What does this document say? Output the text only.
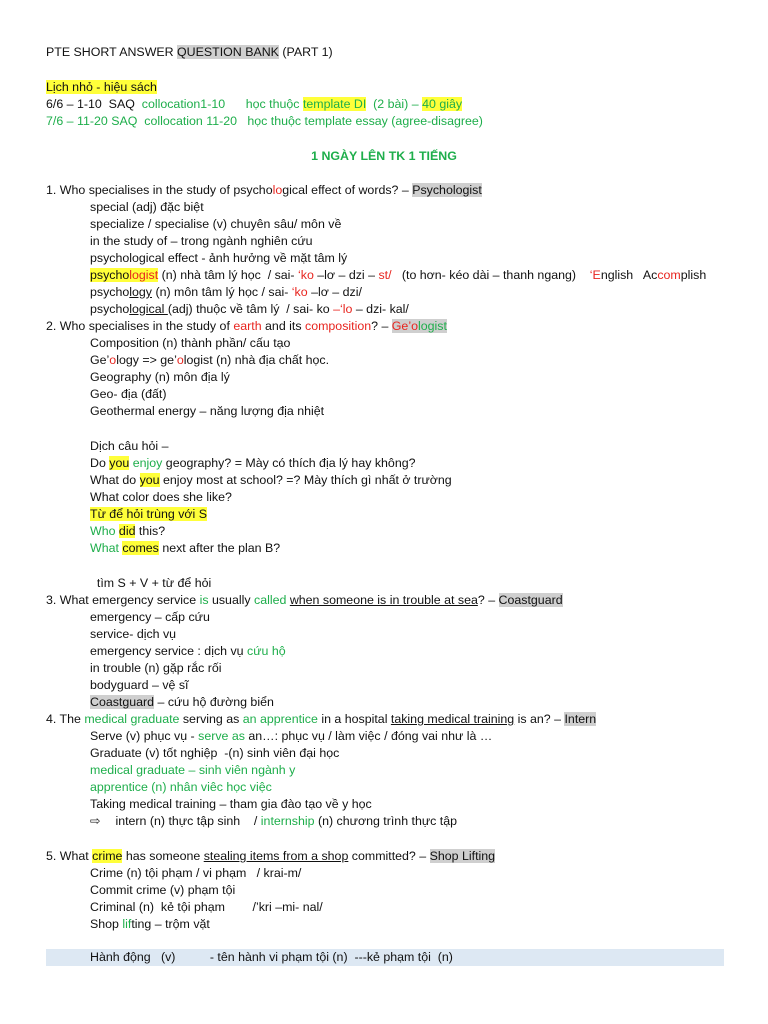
PTE SHORT ANSWER QUESTION BANK (PART 1)
Lịch nhỏ - hiệu sách
6/6 – 1-10  SAQ  collocation1-10      học thuộc template DI  (2 bài) – 40 giây
7/6 – 11-20 SAQ  collocation 11-20   học thuộc template essay (agree-disagree)
1 NGÀY LÊN TK 1 TIẾNG
1. Who specialises in the study of psychological effect of words? – Psychologist
special (adj) đặc biệt
specialize / specialise (v) chuyên sâu/ môn về
in the study of – trong ngành nghiên cứu
psychological effect - ảnh hưởng về mặt tâm lý
psychologist (n) nhà tâm lý học  / sai- ‘ko –lơ – dzi – st/   (to hơn- kéo dài – thanh ngang)    ‘English   Accomplish
psychology (n) môn tâm lý học / sai- ‘ko –lơ – dzi/
psychological (adj) thuộc về tâm lý  / sai- ko –‘lo – dzi- kal/
2. Who specialises in the study of earth and its composition? – Ge’ologist
Composition (n) thành phần/ cấu tạo
Ge’ology => ge’ologist (n) nhà địa chất học.
Geography (n) môn địa lý
Geo- địa (đất)
Geothermal energy – năng lượng địa nhiệt
Dịch câu hỏi –
Do you enjoy geography? = Mày có thích địa lý hay không?
What do you enjoy most at school? =? Mày thích gì nhất ở trường
What color does she like?
Từ để hỏi trùng với S
Who did this?
What comes next after the plan B?
tìm S + V + từ để hỏi
3. What emergency service is usually called when someone is in trouble at sea? – Coastguard
emergency – cấp cứu
service- dịch vụ
emergency service : dịch vụ cứu hộ
in trouble (n) gặp rắc rối
bodyguard – vệ sĩ
Coastguard – cứu hộ đường biển
4. The medical graduate serving as an apprentice in a hospital taking medical training is an? – Intern
Serve (v) phục vụ - serve as an…: phục vụ / làm việc / đóng vai như là …
Graduate (v) tốt nghiệp  -(n) sinh viên đại học
medical graduate – sinh viên ngành y
apprentice (n) nhân viêc học việc
Taking medical training – tham gia đào tạo về y học
⇨ intern (n) thực tập sinh    / internship (n) chương trình thực tập
5. What crime has someone stealing items from a shop committed? – Shop Lifting
Crime (n) tội phạm / vi phạm   / krai-m/
Commit crime (v) phạm tội
Criminal (n)  kẻ tội phạm        /’kri –mi- nal/
Shop lifting – trộm vặt
Hành động   (v)          - tên hành vi phạm tội (n)  ---kẻ phạm tội  (n)
